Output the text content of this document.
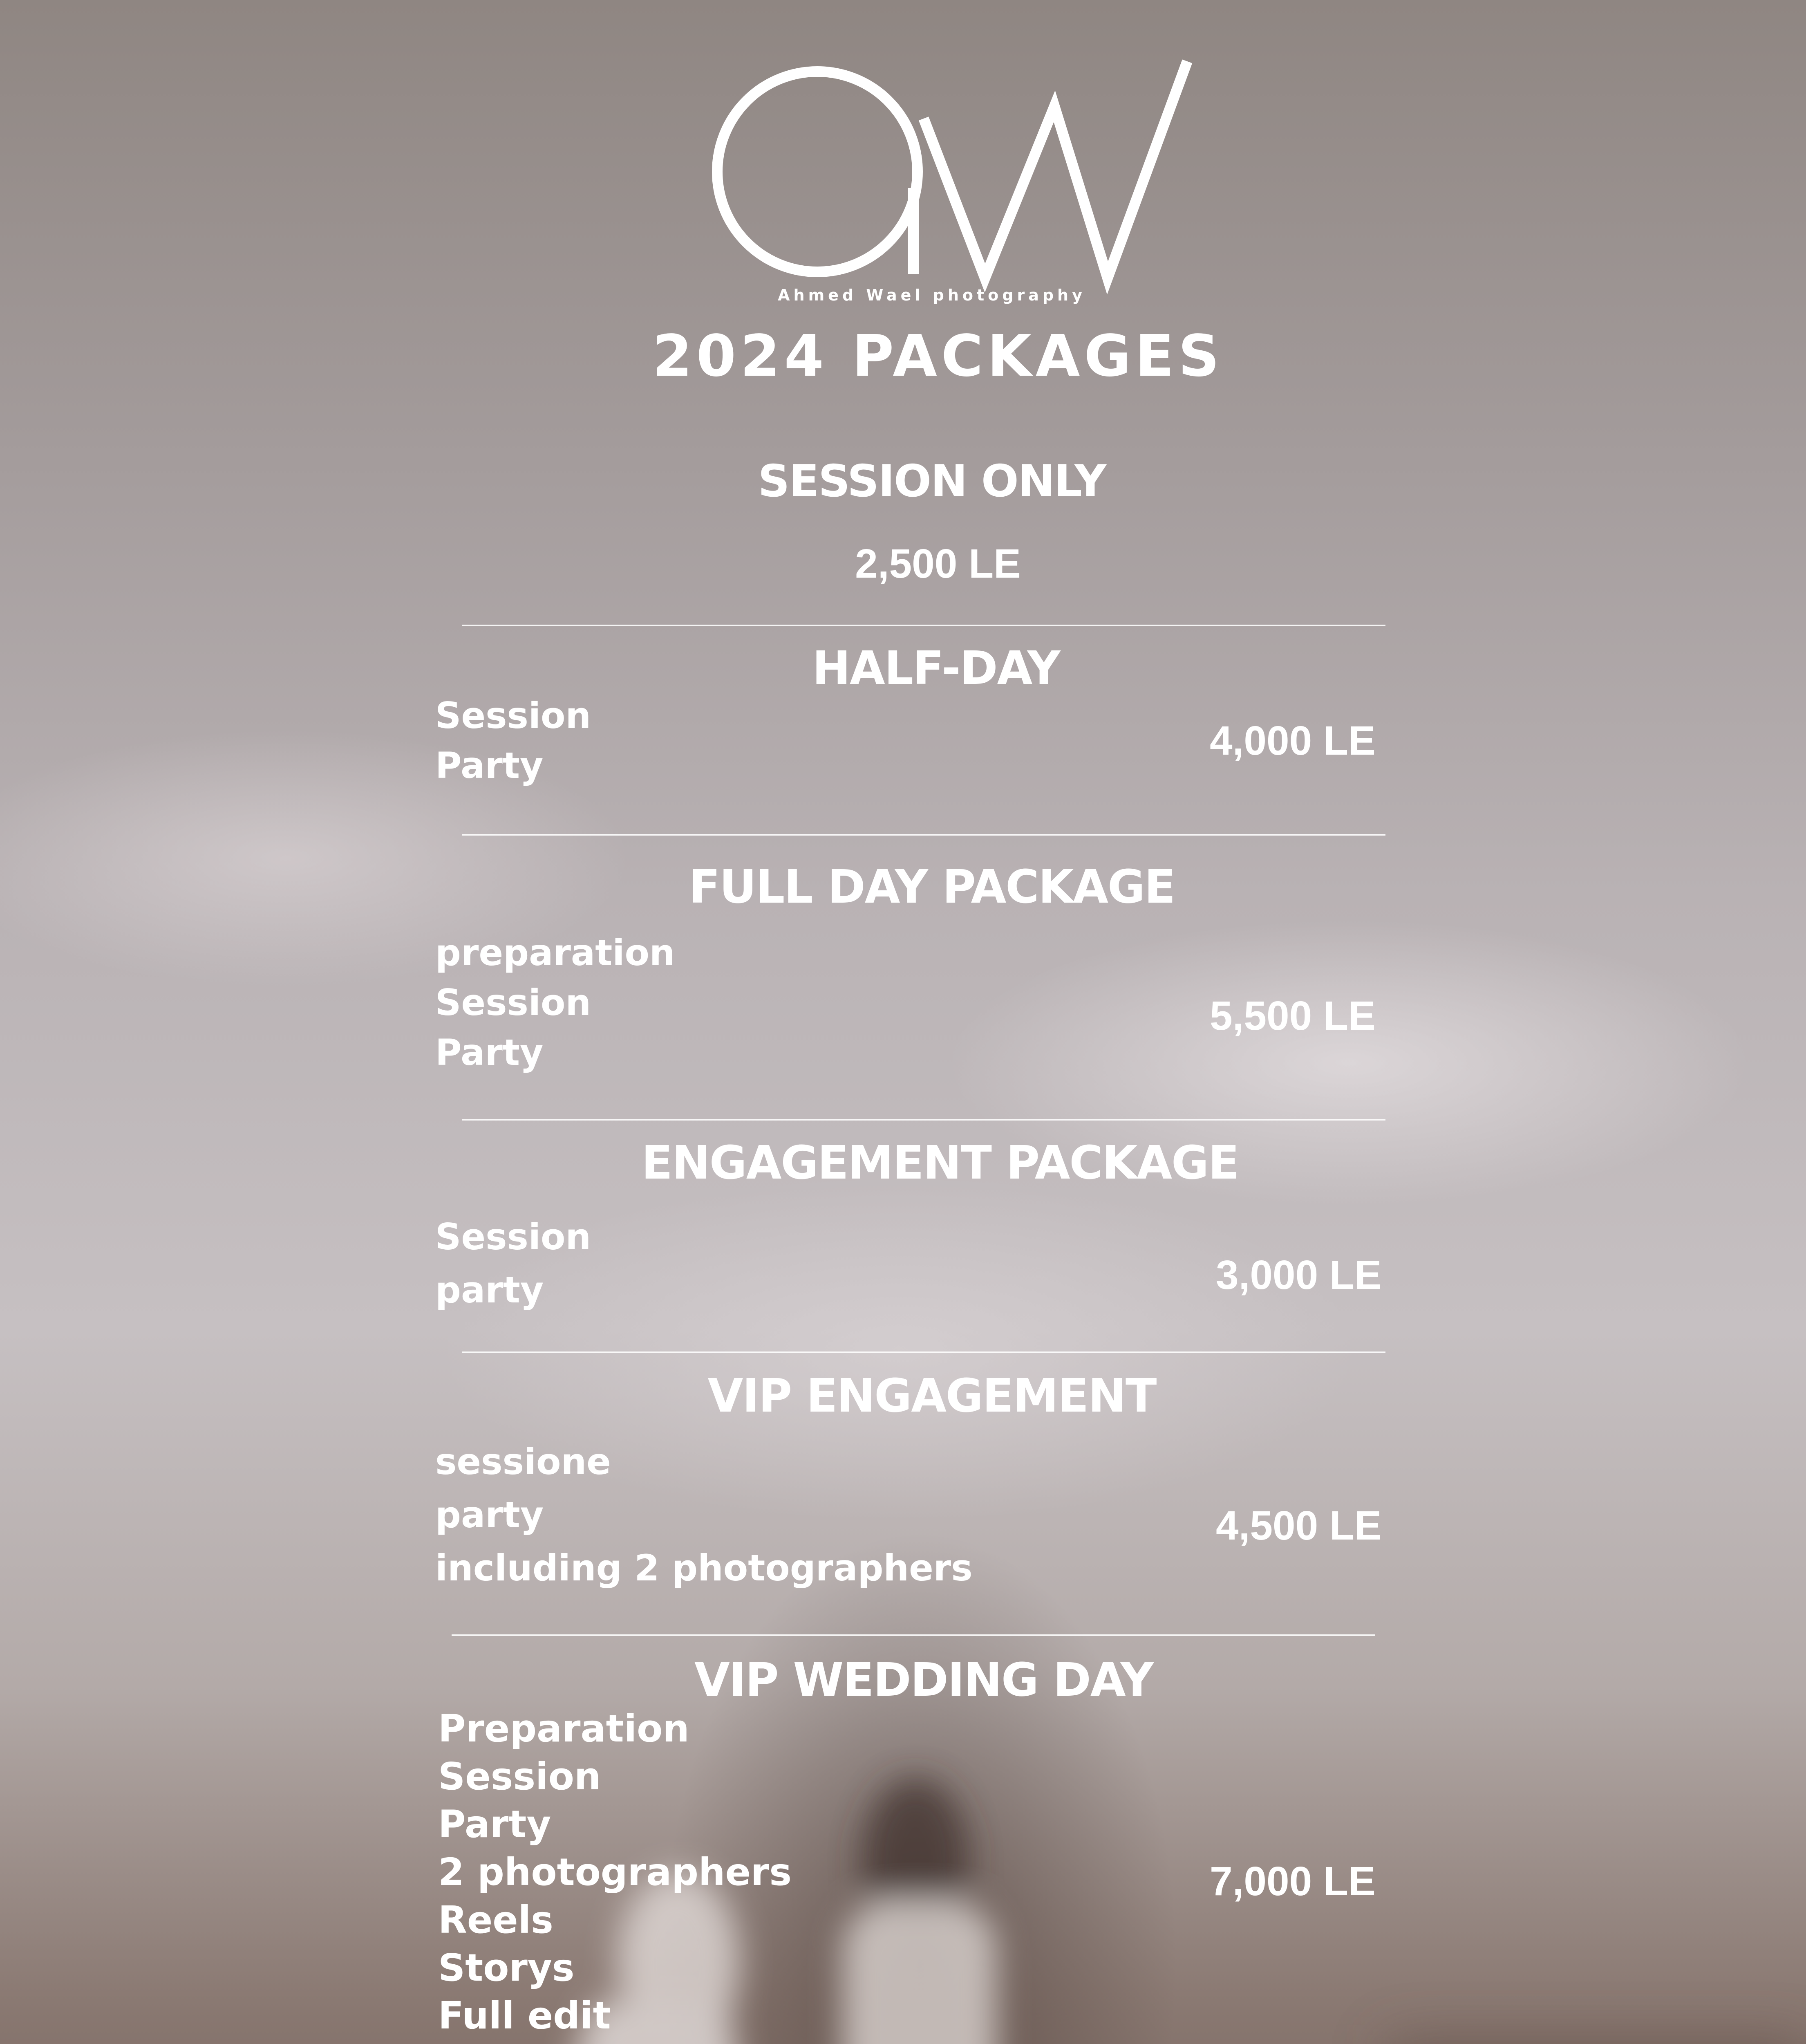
Ahmed Wael photography
2024 PACKAGES
SESSION ONLY
2,500 LE
HALF-DAY
Session
Party
4,000 LE
FULL DAY PACKAGE
preparation
Session
Party
5,500 LE
ENGAGEMENT PACKAGE
Session
party	3,000 LE
VIP ENGAGEMENT
sessione
party
including 2 photographers
4,500 LE
VIP WEDDING DAY
Preparation
Session
Party
2 photographers
Reels
Storys
Full edit
7,000 LE
